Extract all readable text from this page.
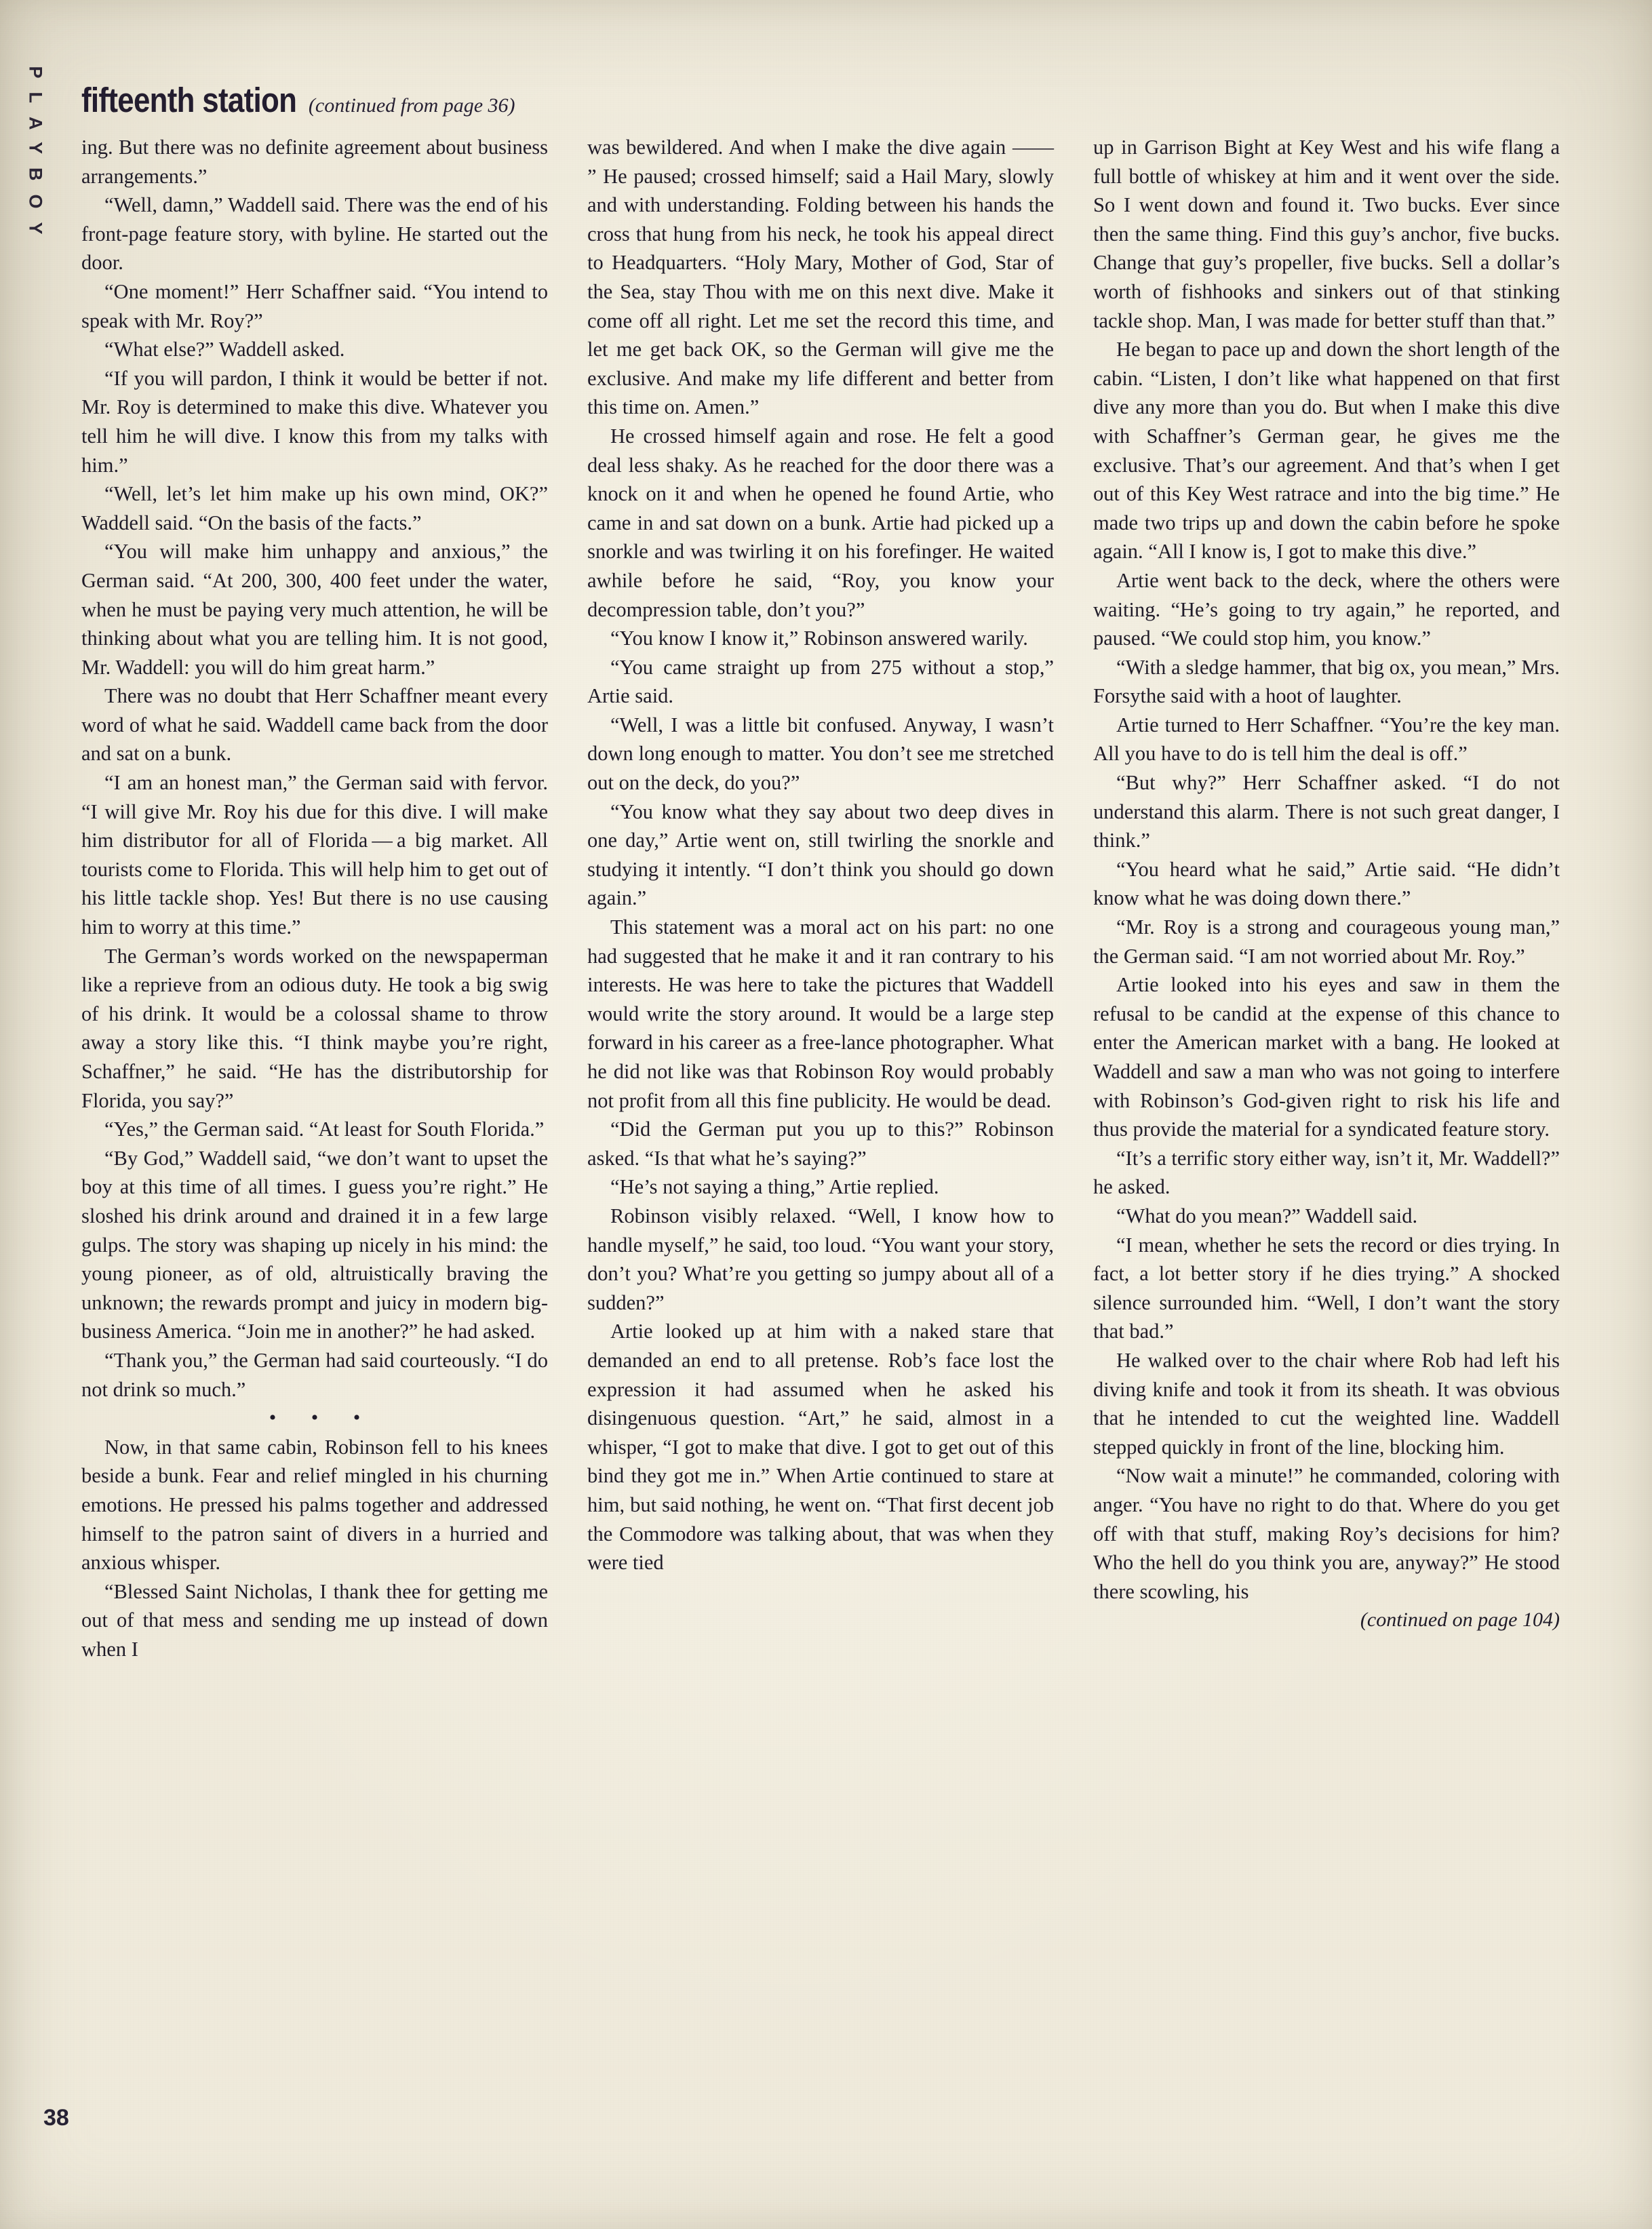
PLAYBOY fifteenth station (continued from page 36)

ing. But there was no definite agreement about business arrangements.”

“Well, damn,” Waddell said. There was the end of his front-page feature story, with byline. He started out the door.

“One moment!” Herr Schaffner said. “You intend to speak with Mr. Roy?”

“What else?” Waddell asked.

“If you will pardon, I think it would be better if not. Mr. Roy is determined to make this dive. Whatever you tell him he will dive. I know this from my talks with him.”

“Well, let’s let him make up his own mind, OK?” Waddell said. “On the basis of the facts.”

“You will make him unhappy and anxious,” the German said. “At 200, 300, 400 feet under the water, when he must be paying very much attention, he will be thinking about what you are telling him. It is not good, Mr. Waddell: you will do him great harm.”

There was no doubt that Herr Schaffner meant every word of what he said. Waddell came back from the door and sat on a bunk.

“I am an honest man,” the German said with fervor. “I will give Mr. Roy his due for this dive. I will make him distributor for all of Florida — a big market. All tourists come to Florida. This will help him to get out of his little tackle shop. Yes! But there is no use causing him to worry at this time.”

The German’s words worked on the newspaperman like a reprieve from an odious duty. He took a big swig of his drink. It would be a colossal shame to throw away a story like this. “I think maybe you’re right, Schaffner,” he said. “He has the distributorship for Florida, you say?”

“Yes,” the German said. “At least for South Florida.”

“By God,” Waddell said, “we don’t want to upset the boy at this time of all times. I guess you’re right.” He sloshed his drink around and drained it in a few large gulps. The story was shaping up nicely in his mind: the young pioneer, as of old, altruistically braving the unknown; the rewards prompt and juicy in modern big-business America. “Join me in another?” he had asked.

“Thank you,” the German had said courteously. “I do not drink so much.”

• • •

Now, in that same cabin, Robinson fell to his knees beside a bunk. Fear and relief mingled in his churning emotions. He pressed his palms together and addressed himself to the patron saint of divers in a hurried and anxious whisper.

“Blessed Saint Nicholas, I thank thee for getting me out of that mess and sending me up instead of down when I

was bewildered. And when I make the dive again —— ” He paused; crossed himself; said a Hail Mary, slowly and with understanding. Folding between his hands the cross that hung from his neck, he took his appeal direct to Headquarters. “Holy Mary, Mother of God, Star of the Sea, stay Thou with me on this next dive. Make it come off all right. Let me set the record this time, and let me get back OK, so the German will give me the exclusive. And make my life different and better from this time on. Amen.”

He crossed himself again and rose. He felt a good deal less shaky. As he reached for the door there was a knock on it and when he opened he found Artie, who came in and sat down on a bunk. Artie had picked up a snorkle and was twirling it on his forefinger. He waited awhile before he said, “Roy, you know your decompression table, don’t you?”

“You know I know it,” Robinson answered warily.

“You came straight up from 275 without a stop,” Artie said.

“Well, I was a little bit confused. Anyway, I wasn’t down long enough to matter. You don’t see me stretched out on the deck, do you?”

“You know what they say about two deep dives in one day,” Artie went on, still twirling the snorkle and studying it intently. “I don’t think you should go down again.”

This statement was a moral act on his part: no one had suggested that he make it and it ran contrary to his interests. He was here to take the pictures that Waddell would write the story around. It would be a large step forward in his career as a free-lance photographer. What he did not like was that Robinson Roy would probably not profit from all this fine publicity. He would be dead.

“Did the German put you up to this?” Robinson asked. “Is that what he’s saying?”

“He’s not saying a thing,” Artie replied.

Robinson visibly relaxed. “Well, I know how to handle myself,” he said, too loud. “You want your story, don’t you? What’re you getting so jumpy about all of a sudden?”

Artie looked up at him with a naked stare that demanded an end to all pretense. Rob’s face lost the expression it had assumed when he asked his disingenuous question. “Art,” he said, almost in a whisper, “I got to make that dive. I got to get out of this bind they got me in.” When Artie continued to stare at him, but said nothing, he went on. “That first decent job the Commodore was talking about, that was when they were tied

up in Garrison Bight at Key West and his wife flang a full bottle of whiskey at him and it went over the side. So I went down and found it. Two bucks. Ever since then the same thing. Find this guy’s anchor, five bucks. Change that guy’s propeller, five bucks. Sell a dollar’s worth of fishhooks and sinkers out of that stinking tackle shop. Man, I was made for better stuff than that.”

He began to pace up and down the short length of the cabin. “Listen, I don’t like what happened on that first dive any more than you do. But when I make this dive with Schaffner’s German gear, he gives me the exclusive. That’s our agreement. And that’s when I get out of this Key West ratrace and into the big time.” He made two trips up and down the cabin before he spoke again. “All I know is, I got to make this dive.”

Artie went back to the deck, where the others were waiting. “He’s going to try again,” he reported, and paused. “We could stop him, you know.”

“With a sledge hammer, that big ox, you mean,” Mrs. Forsythe said with a hoot of laughter.

Artie turned to Herr Schaffner. “You’re the key man. All you have to do is tell him the deal is off.”

“But why?” Herr Schaffner asked. “I do not understand this alarm. There is not such great danger, I think.”

“You heard what he said,” Artie said. “He didn’t know what he was doing down there.”

“Mr. Roy is a strong and courageous young man,” the German said. “I am not worried about Mr. Roy.”

Artie looked into his eyes and saw in them the refusal to be candid at the expense of this chance to enter the American market with a bang. He looked at Waddell and saw a man who was not going to interfere with Robinson’s God-given right to risk his life and thus provide the material for a syndicated feature story.

“It’s a terrific story either way, isn’t it, Mr. Waddell?” he asked.

“What do you mean?” Waddell said.

“I mean, whether he sets the record or dies trying. In fact, a lot better story if he dies trying.” A shocked silence surrounded him. “Well, I don’t want the story that bad.”

He walked over to the chair where Rob had left his diving knife and took it from its sheath. It was obvious that he intended to cut the weighted line. Waddell stepped quickly in front of the line, blocking him.

“Now wait a minute!” he commanded, coloring with anger. “You have no right to do that. Where do you get off with that stuff, making Roy’s decisions for him? Who the hell do you think you are, anyway?” He stood there scowling, his

(continued on page 104)
38
